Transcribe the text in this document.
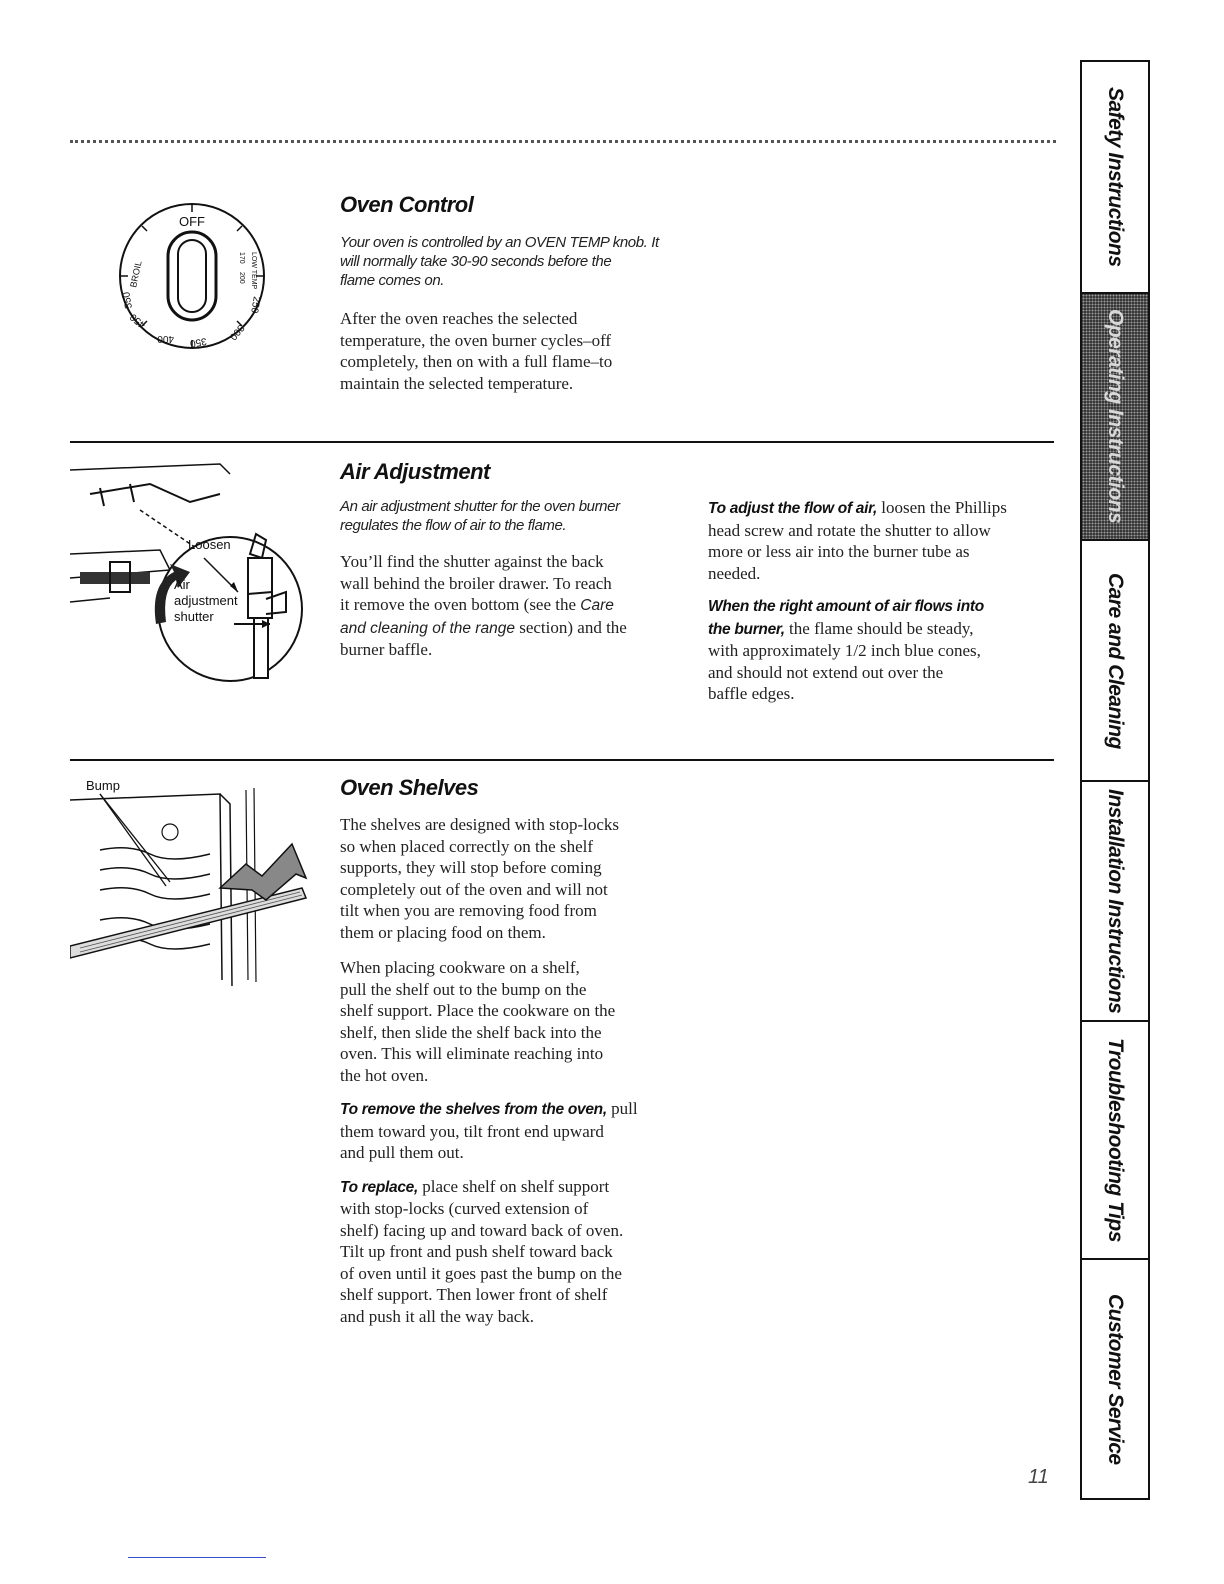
OFF
BROIL	LOW TEMP
550
450
400 350 300
250
170
200
Oven Control
Your oven is controlled by an OVEN TEMP knob. It
will normally take 30-90 seconds before the
flame comes on.
After the oven reaches the selected
temperature, the oven burner cycles–off
completely, then on with a full flame–to
maintain the selected temperature.
Loosen
Air
adjustment
shutter
Air Adjustment
An air adjustment shutter for the oven burner
regulates the flow of air to the flame.
You’ll find the shutter against the back
wall behind the broiler drawer. To reach
it remove the oven bottom (see the Care
and cleaning of the range section) and the
burner baffle.
To adjust the flow of air, loosen the Phillips
head screw and rotate the shutter to allow
more or less air into the burner tube as
needed.
When the right amount of air flows into
the burner, the flame should be steady,
with approximately 1/2 inch blue cones,
and should not extend out over the
baffle edges.
Bump	Oven Shelves
The shelves are designed with stop-locks
so when placed correctly on the shelf
supports, they will stop before coming
completely out of the oven and will not
tilt when you are removing food from
them or placing food on them.
When placing cookware on a shelf,
pull the shelf out to the bump on the
shelf support. Place the cookware on the
shelf, then slide the shelf back into the
oven. This will eliminate reaching into
the hot oven.
To remove the shelves from the oven, pull
them toward you, tilt front end upward
and pull them out.
To replace, place shelf on shelf support
with stop-locks (curved extension of
shelf) facing up and toward back of oven.
Tilt up front and push shelf toward back
of oven until it goes past the bump on the
shelf support. Then lower front of shelf
and push it all the way back.

11

Safety Instructions
Operating Instructions
Care and Cleaning
Installation Instructions
Troubleshooting Tips
Customer Service
